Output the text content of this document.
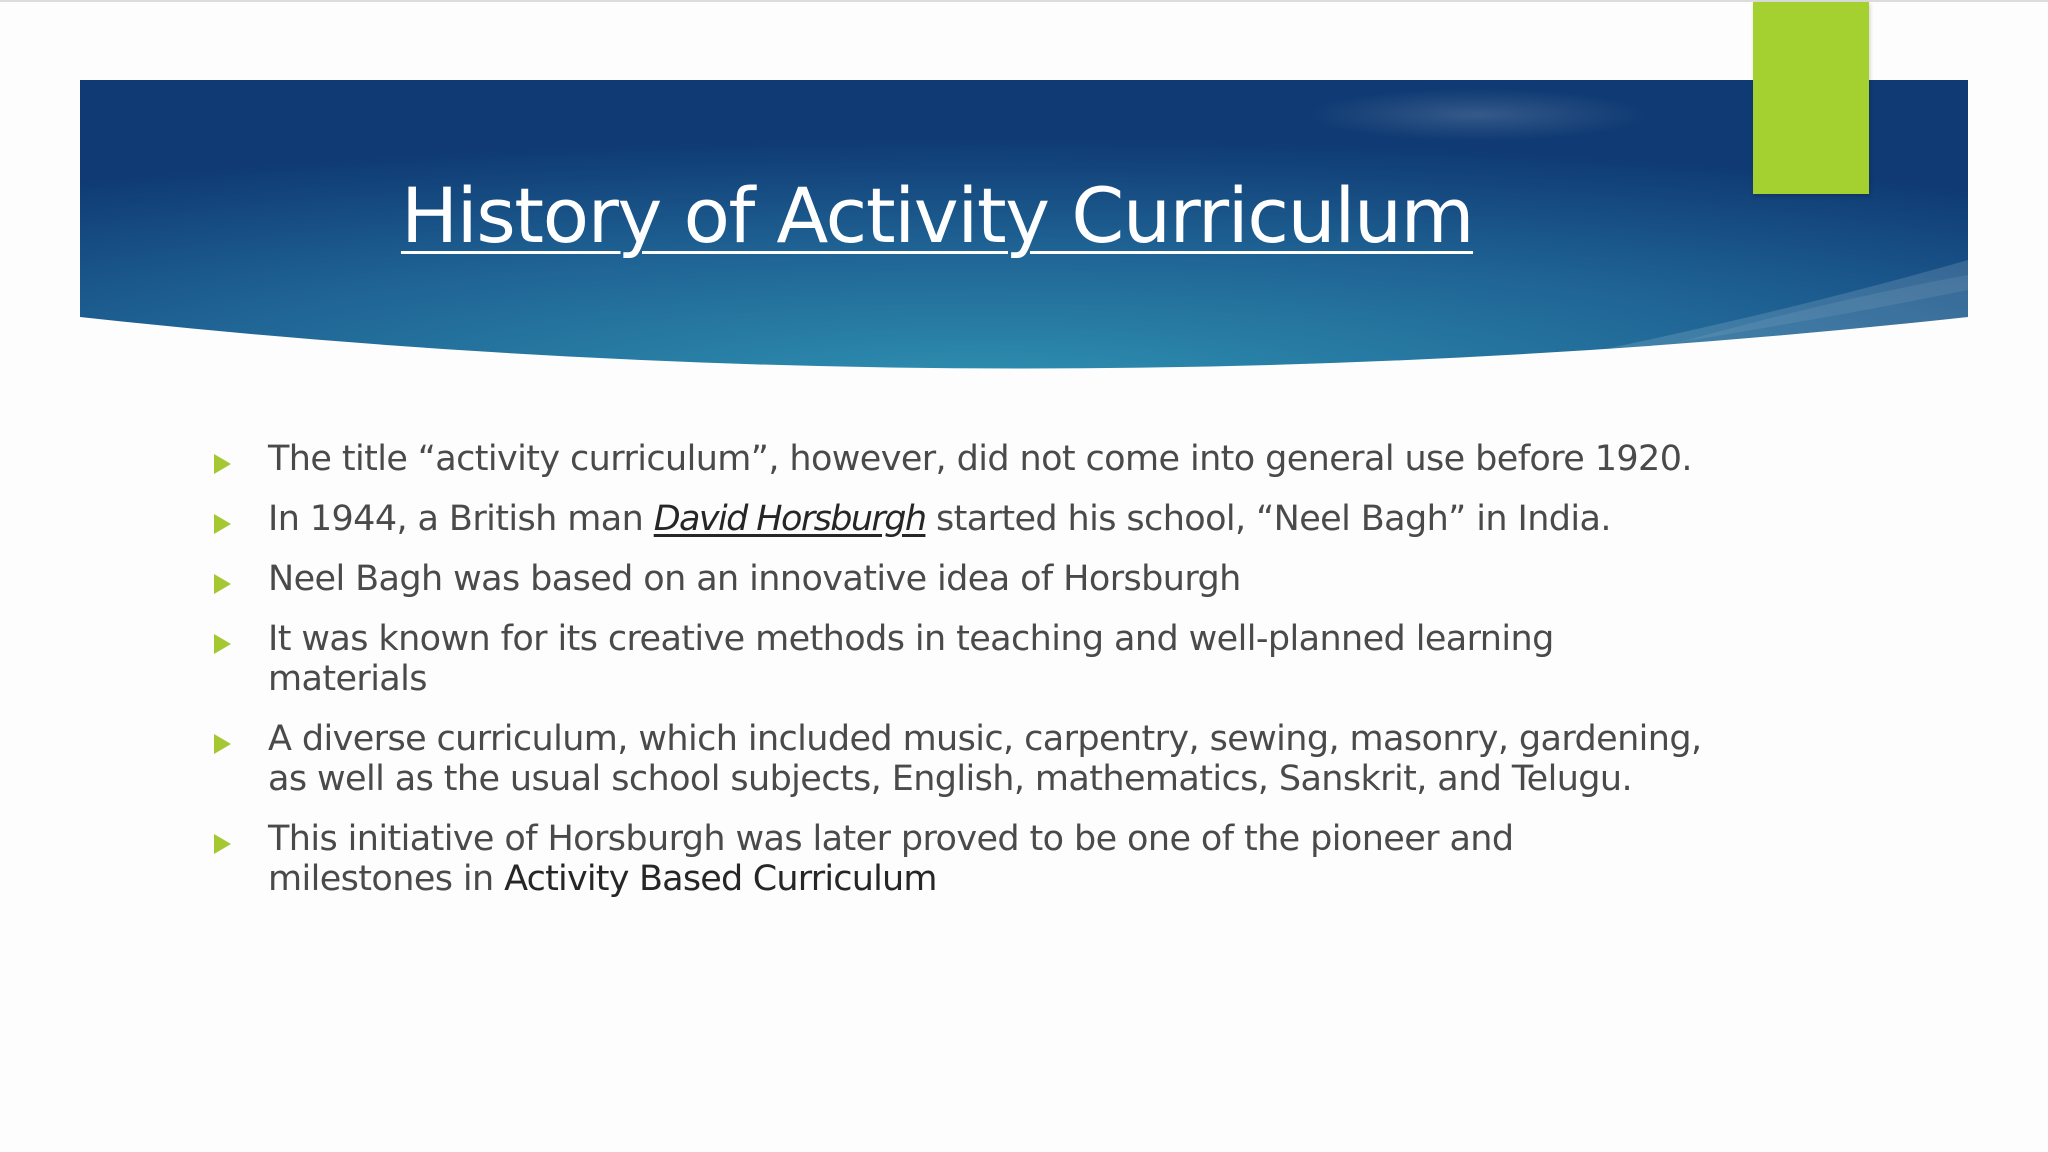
History of Activity Curriculum
The title “activity curriculum”, however, did not come into general use before 1920.
In 1944, a British man David Horsburgh started his school, “Neel Bagh” in India.
Neel Bagh was based on an innovative idea of Horsburgh
It was known for its creative methods in teaching and well-planned learning
materials
A diverse curriculum, which included music, carpentry, sewing, masonry, gardening,
as well as the usual school subjects, English, mathematics, Sanskrit, and Telugu.
This initiative of Horsburgh was later proved to be one of the pioneer and
milestones in Activity Based Curriculum
